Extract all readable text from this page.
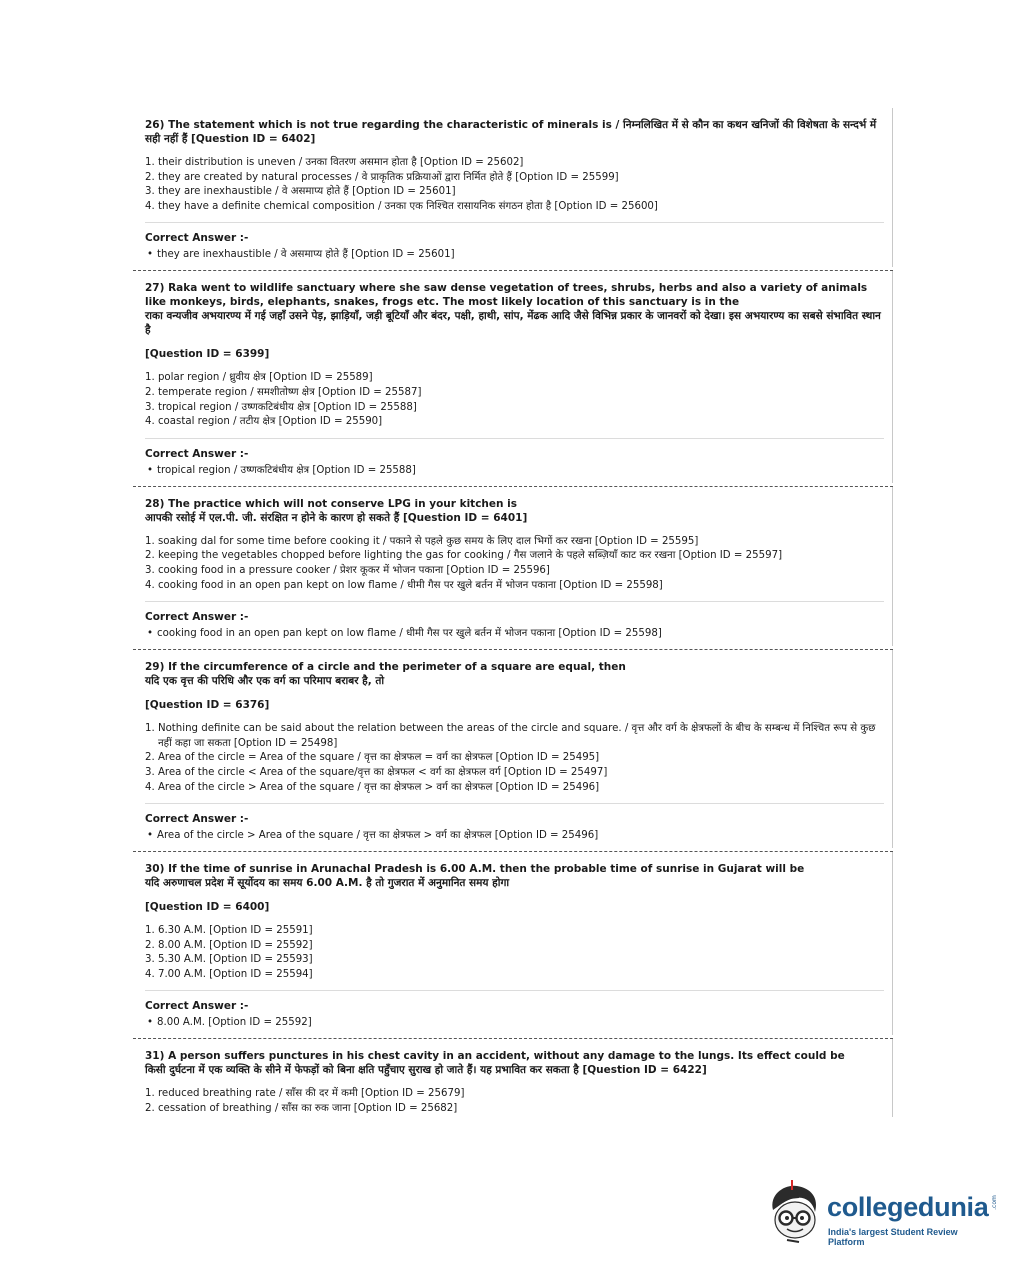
26) The statement which is not true regarding the characteristic of minerals is / निम्नलिखित में से कौन का कथन खनिजों की विशेषता के सन्दर्भ में सही नहीं हैं [Question ID = 6402]

1. their distribution is uneven / उनका वितरण असमान होता है [Option ID = 25602]
2. they are created by natural processes / वे प्राकृतिक प्रक्रियाओं द्वारा निर्मित होते हैं [Option ID = 25599]
3. they are inexhaustible / वे असमाप्य होते हैं [Option ID = 25601]
4. they have a definite chemical composition / उनका एक निश्चित रासायनिक संगठन होता है [Option ID = 25600]
Correct Answer :-
• they are inexhaustible / वे असमाप्य होते हैं [Option ID = 25601]

27) Raka went to wildlife sanctuary where she saw dense vegetation of trees, shrubs, herbs and also a variety of animals like monkeys, birds, elephants, snakes, frogs etc. The most likely location of this sanctuary is in the

राका वन्यजीव अभयारण्य में गई जहाँ उसने पेड़, झाड़ियाँ, जड़ी बूटियाँ और बंदर, पक्षी, हाथी, सांप, मेंढक आदि जैसे विभिन्न प्रकार के जानवरों को देखा। इस अभयारण्य का सबसे संभावित स्थान है

[Question ID = 6399]

1. polar region / ध्रुवीय क्षेत्र [Option ID = 25589]
2. temperate region / समशीतोष्ण क्षेत्र [Option ID = 25587]
3. tropical region / उष्णकटिबंधीय क्षेत्र [Option ID = 25588]
4. coastal region / तटीय क्षेत्र [Option ID = 25590]
Correct Answer :-
• tropical region / उष्णकटिबंधीय क्षेत्र [Option ID = 25588]

28) The practice which will not conserve LPG in your kitchen is

आपकी रसोई में एल.पी. जी. संरक्षित न होने के कारण हो सकते हैं [Question ID = 6401]

1. soaking dal for some time before cooking it / पकाने से पहले कुछ समय के लिए दाल भिगों कर रखना [Option ID = 25595]
2. keeping the vegetables chopped before lighting the gas for cooking / गैस जलाने के पहले सब्ज़ियाँ काट कर रखना [Option ID = 25597]
3. cooking food in a pressure cooker / प्रेशर कूकर में भोजन पकाना [Option ID = 25596]
4. cooking food in an open pan kept on low flame / धीमी गैस पर खुले बर्तन में भोजन पकाना [Option ID = 25598]
Correct Answer :-
• cooking food in an open pan kept on low flame / धीमी गैस पर खुले बर्तन में भोजन पकाना [Option ID = 25598]

29) If the circumference of a circle and the perimeter of a square are equal, then

यदि एक वृत्त की परिधि और एक वर्ग का परिमाप बराबर है, तो

[Question ID = 6376]

1. Nothing definite can be said about the relation between the areas of the circle and square. / वृत्त और वर्ग के क्षेत्रफलों के बीच के सम्बन्ध में निश्चित रूप से कुछ नहीं कहा जा सकता [Option ID = 25498]
2. Area of the circle = Area of the square / वृत्त का क्षेत्रफल = वर्ग का क्षेत्रफल [Option ID = 25495]
3. Area of the circle < Area of the square/वृत्त का क्षेत्रफल < वर्ग का क्षेत्रफल वर्ग [Option ID = 25497]
4. Area of the circle > Area of the square / वृत्त का क्षेत्रफल > वर्ग का क्षेत्रफल [Option ID = 25496]
Correct Answer :-
• Area of the circle > Area of the square / वृत्त का क्षेत्रफल > वर्ग का क्षेत्रफल [Option ID = 25496]

30) If the time of sunrise in Arunachal Pradesh is 6.00 A.M. then the probable time of sunrise in Gujarat will be

यदि अरुणाचल प्रदेश में सूर्योदय का समय 6.00 A.M. है तो गुजरात में अनुमानित समय होगा

[Question ID = 6400]

1. 6.30 A.M. [Option ID = 25591]
2. 8.00 A.M. [Option ID = 25592]
3. 5.30 A.M. [Option ID = 25593]
4. 7.00 A.M. [Option ID = 25594]
Correct Answer :-
• 8.00 A.M. [Option ID = 25592]

31) A person suffers punctures in his chest cavity in an accident, without any damage to the lungs. Its effect could be

किसी दुर्घटना में एक व्यक्ति के सीने में फेफड़ों को बिना क्षति पहुँचाए सुराख हो जाते हैं। यह प्रभावित कर सकता है [Question ID = 6422]

1. reduced breathing rate / साँस की दर में कमी [Option ID = 25679]
2. cessation of breathing / साँस का रुक जाना [Option ID = 25682]
collegedunia .com
India's largest Student Review Platform
